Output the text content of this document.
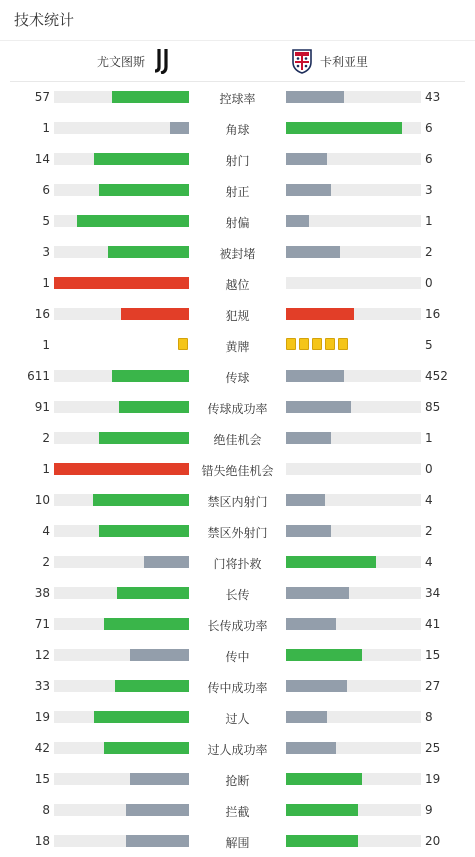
技术统计
尤文图斯	卡利亚里
57	控球率	43
1	角球	6
14	射门	6
6	射正	3
5	射偏	1
3	被封堵	2
1	越位	0
16	犯规	16
1	黄牌	5
611	传球	452
91	传球成功率	85
2	绝佳机会	1
1	错失绝佳机会	0
10	禁区内射门	4
4	禁区外射门	2
2	门将扑救	4
38	长传	34
71	长传成功率	41
12	传中	15
33	传中成功率	27
19	过人	8
42	过人成功率	25
15	抢断	19
8	拦截	9
18	解围	20
